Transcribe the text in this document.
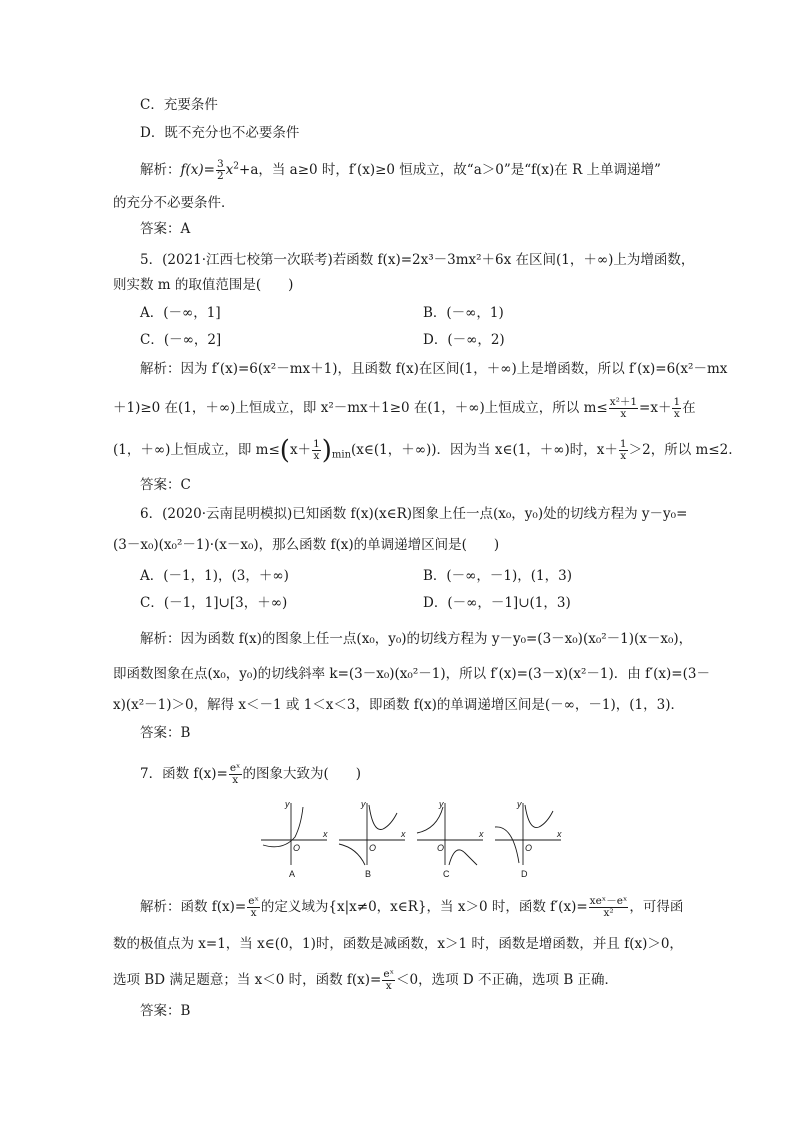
C．充要条件
D．既不充分也不必要条件
解析：$f(x)= \frac{3}{2} x^2+a$，当 a≥0 时，f′(x)≥0 恒成立，故“a＞0”是“f(x)在 R 上单调递增”
的充分不必要条件．
答案：A
5．(2021·江西七校第一次联考)若函数 f(x)=2x³－3mx²＋6x 在区间(1，＋∞)上为增函数，
则实数 m 的取值范围是(　　)
A．(－∞，1]	B．(－∞，1)
C．(－∞，2]	D．(－∞，2)
解析：因为 f′(x)=6(x²－mx＋1)，且函数 f(x)在区间(1，＋∞)上是增函数，所以 f′(x)=6(x²－mx
＋1)≥0 在(1，＋∞)上恒成立，即 x²－mx＋1≥0 在(1，＋∞)上恒成立，所以 $m\le \frac{\text{x²＋1}}{x} =x+ \frac{1}{x}$ 在
(1，＋∞)上恒成立，即 $m\le(x+ \frac{1}{x}$ )$_{min}(x\in(1$，＋∞))．因为当 x∈(1，＋∞)时，$x+ \frac{1}{x} >2$，所以 m≤2.
答案：C
6．(2020·云南昆明模拟)已知函数 f(x)(x∈R)图象上任一点(x₀，y₀)处的切线方程为 y－y₀=
(3－x₀)(x₀²－1)·(x－x₀)，那么函数 f(x)的单调递增区间是(　　)
A．(－1，1)，(3，＋∞)	B．(－∞，－1)，(1，3)
C．(－1，1]∪[3，＋∞)	D．(－∞，－1]∪(1，3)
解析：因为函数 f(x)的图象上任一点(x₀，y₀)的切线方程为 y－y₀=(3－x₀)(x₀²－1)(x－x₀)，
即函数图象在点(x₀，y₀)的切线斜率 k=(3－x₀)(x₀²－1)，所以 f′(x)=(3－x)(x²－1)．由 f′(x)=(3－
x)(x²－1)＞0，解得 x＜－1 或 1＜x＜3，即函数 f(x)的单调递增区间是(－∞，－1)，(1，3)．
答案：B
7．函数 $f(x)= \frac{\text{eˣ}}{x}$ 的图象大致为(　　)
y
x
O
y
x
O
y
x
O
y
x
O
A	B	C	D
解析：函数 $f(x)= \frac{\text{eˣ}}{x}$ 的定义域为{x|x≠0，x∈R}，当 x＞0 时，函数 $f'(x)= \frac{\text{xeˣ－eˣ}}{\text{x²}}$ ，可得函
数的极值点为 x=1，当 x∈(0，1)时，函数是减函数，x＞1 时，函数是增函数，并且 f(x)＞0，
选项 BD 满足题意；当 x＜0 时，函数 $f(x)= \frac{\text{eˣ}}{x} <0$，选项 D 不正确，选项 B 正确．
答案：B
